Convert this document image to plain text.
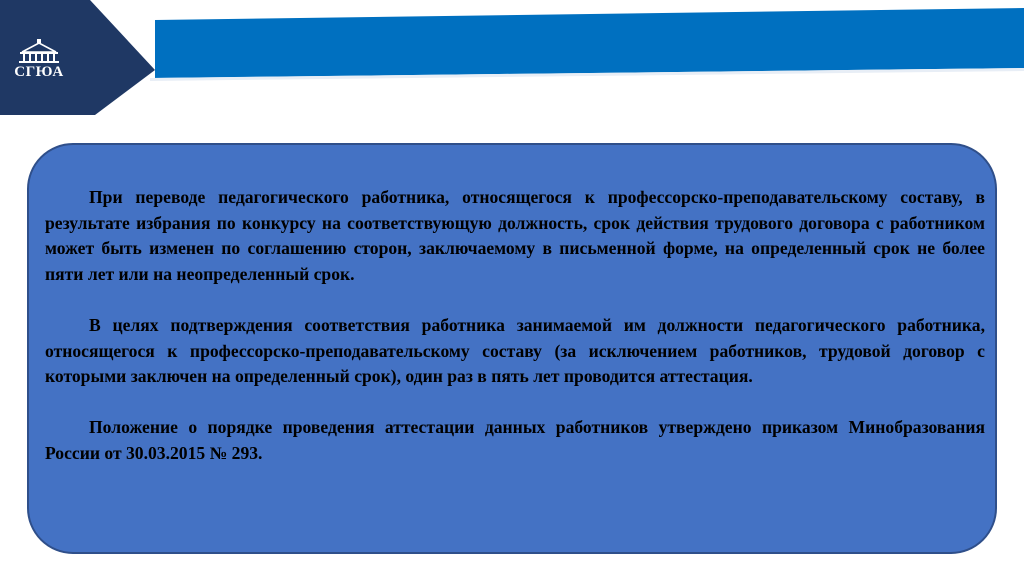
СГЮА

При переводе педагогического работника, относящегося к профессорско-преподавательскому составу, в результате избрания по конкурсу на соответствующую должность, срок действия трудового договора с работником может быть изменен по соглашению сторон, заключаемому в письменной форме, на определенный срок не более пяти лет или на неопределенный срок.

В целях подтверждения соответствия работника занимаемой им должности педагогического работника, относящегося к профессорско-преподавательскому составу (за исключением работников, трудовой договор с которыми заключен на определенный срок), один раз в пять лет проводится аттестация.

Положение о порядке проведения аттестации данных работников утверждено приказом Минобразования России от 30.03.2015 № 293.
